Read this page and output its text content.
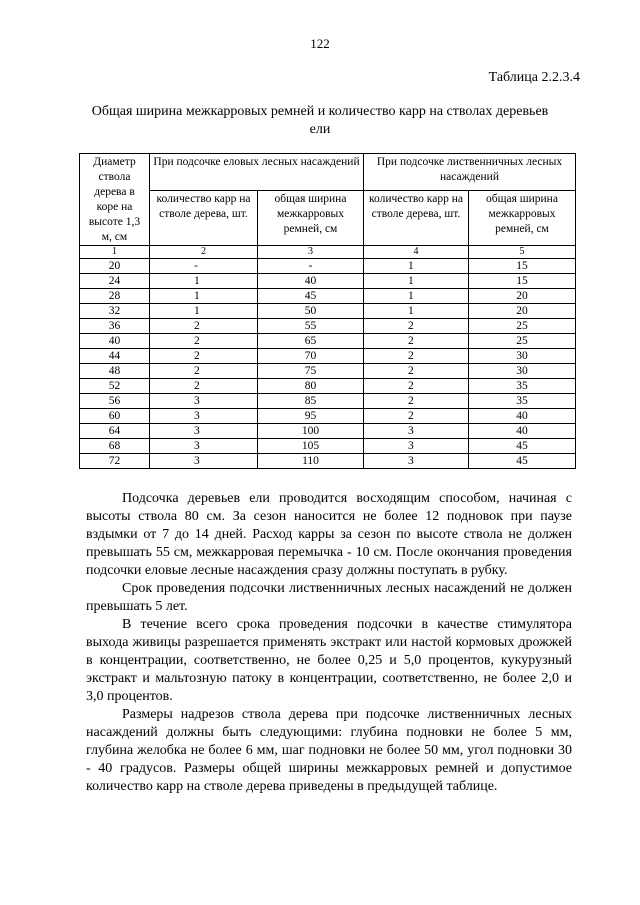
122
Таблица 2.2.3.4
Общая ширина межкарровых ремней и количество карр на стволах деревьев ели
Диаметр ствола дерева в коре на высоте 1,3 м, см	При подсочке еловых лесных насаждений		При подсочке лиственничных лесных насаждений	
	количество карр на стволе дерева, шт.	общая ширина межкарровых ремней, см	количество карр на стволе дерева, шт.	общая ширина межкарровых ремней, см
1	2	3	4	5
20	-	-	1	15
24	1	40	1	15
28	1	45	1	20
32	1	50	1	20
36	2	55	2	25
40	2	65	2	25
44	2	70	2	30
48	2	75	2	30
52	2	80	2	35
56	3	85	2	35
60	3	95	2	40
64	3	100	3	40
68	3	105	3	45
72	3	110	3	45

Подсочка деревьев ели проводится восходящим способом, начиная с высоты ствола 80 см. За сезон наносится не более 12 подновок при паузе вздымки от 7 до 14 дней. Расход карры за сезон по высоте ствола не должен превышать 55 см, межкарровая перемычка - 10 см. После окончания проведения подсочки еловые лесные насаждения сразу должны поступать в рубку.

Срок проведения подсочки лиственничных лесных насаждений не должен превышать 5 лет.

В течение всего срока проведения подсочки в качестве стимулятора выхода живицы разрешается применять экстракт или настой кормовых дрожжей в концентрации, соответственно, не более 0,25 и 5,0 процентов, кукурузный экстракт и мальтозную патоку в концентрации, соответственно, не более 2,0 и 3,0 процентов.

Размеры надрезов ствола дерева при подсочке лиственничных лесных насаждений должны быть следующими: глубина подновки не более 5 мм, глубина желобка не более 6 мм, шаг подновки не более 50 мм, угол подновки 30 - 40 градусов. Размеры общей ширины межкарровых ремней и допустимое количество карр на стволе дерева приведены в предыдущей таблице.
